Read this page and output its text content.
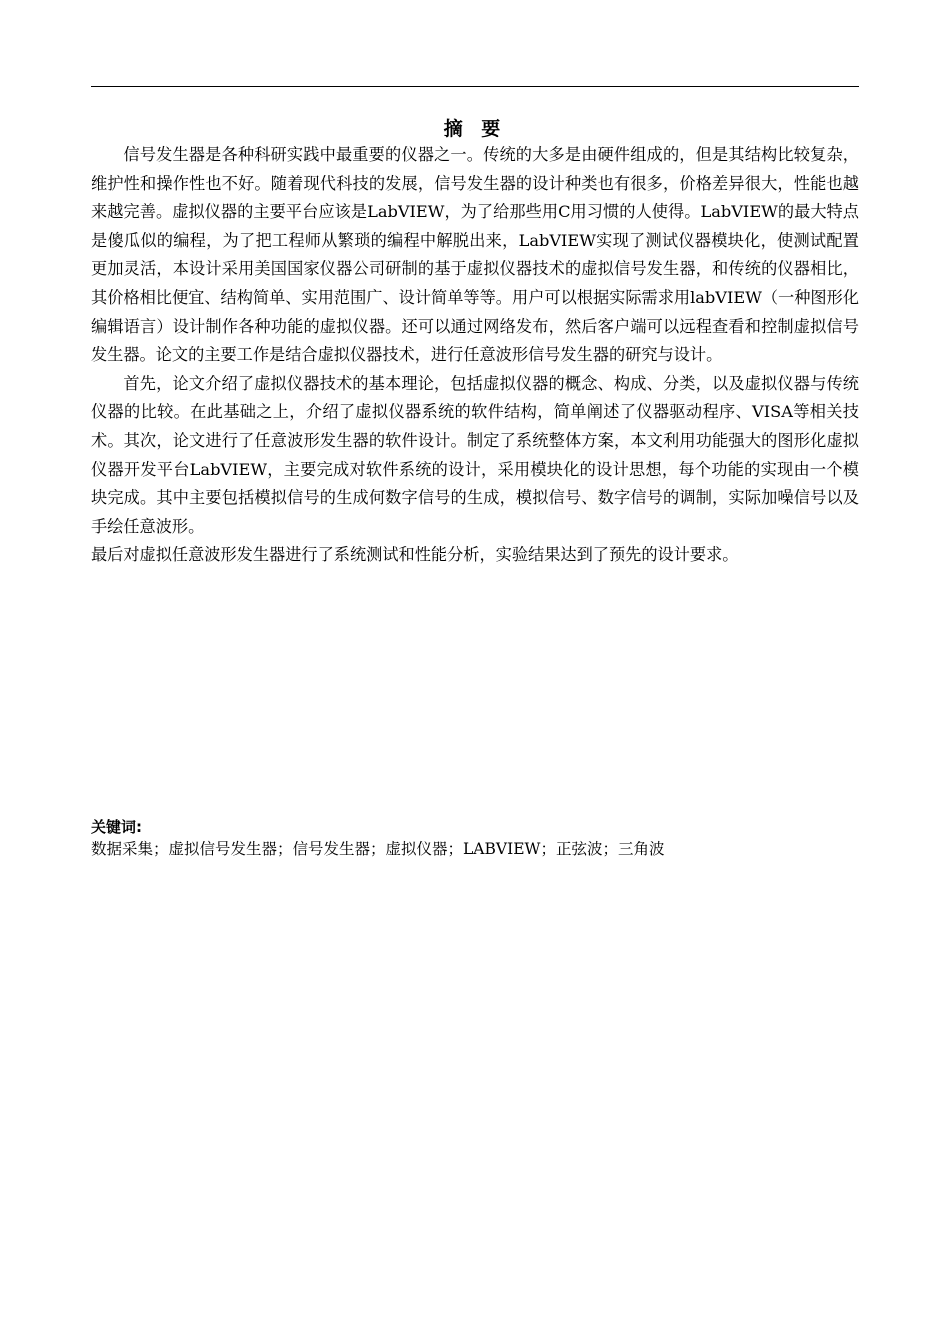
摘 要

信号发生器是各种科研实践中最重要的仪器之一。传统的大多是由硬件组成的，但是其结构比较复杂，维护性和操作性也不好。随着现代科技的发展，信号发生器的设计种类也有很多，价格差异很大，性能也越来越完善。虚拟仪器的主要平台应该是LabVIEW，为了给那些用C用习惯的人使得。LabVIEW的最大特点是傻瓜似的编程，为了把工程师从繁琐的编程中解脱出来，LabVIEW实现了测试仪器模块化，使测试配置更加灵活，本设计采用美国国家仪器公司研制的基于虚拟仪器技术的虚拟信号发生器，和传统的仪器相比，其价格相比便宜、结构简单、实用范围广、设计简单等等。用户可以根据实际需求用labVIEW（一种图形化编辑语言）设计制作各种功能的虚拟仪器。还可以通过网络发布，然后客户端可以远程查看和控制虚拟信号发生器。论文的主要工作是结合虚拟仪器技术，进行任意波形信号发生器的研究与设计。

首先，论文介绍了虚拟仪器技术的基本理论，包括虚拟仪器的概念、构成、分类，以及虚拟仪器与传统仪器的比较。在此基础之上，介绍了虚拟仪器系统的软件结构，简单阐述了仪器驱动程序、VISA等相关技术。其次，论文进行了任意波形发生器的软件设计。制定了系统整体方案，本文利用功能强大的图形化虚拟仪器开发平台LabVIEW，主要完成对软件系统的设计，采用模块化的设计思想，每个功能的实现由一个模块完成。其中主要包括模拟信号的生成何数字信号的生成，模拟信号、数字信号的调制，实际加噪信号以及手绘任意波形。

最后对虚拟任意波形发生器进行了系统测试和性能分析，实验结果达到了预先的设计要求。

关键词:
数据采集；虚拟信号发生器；信号发生器；虚拟仪器；LABVIEW；正弦波；三角波
